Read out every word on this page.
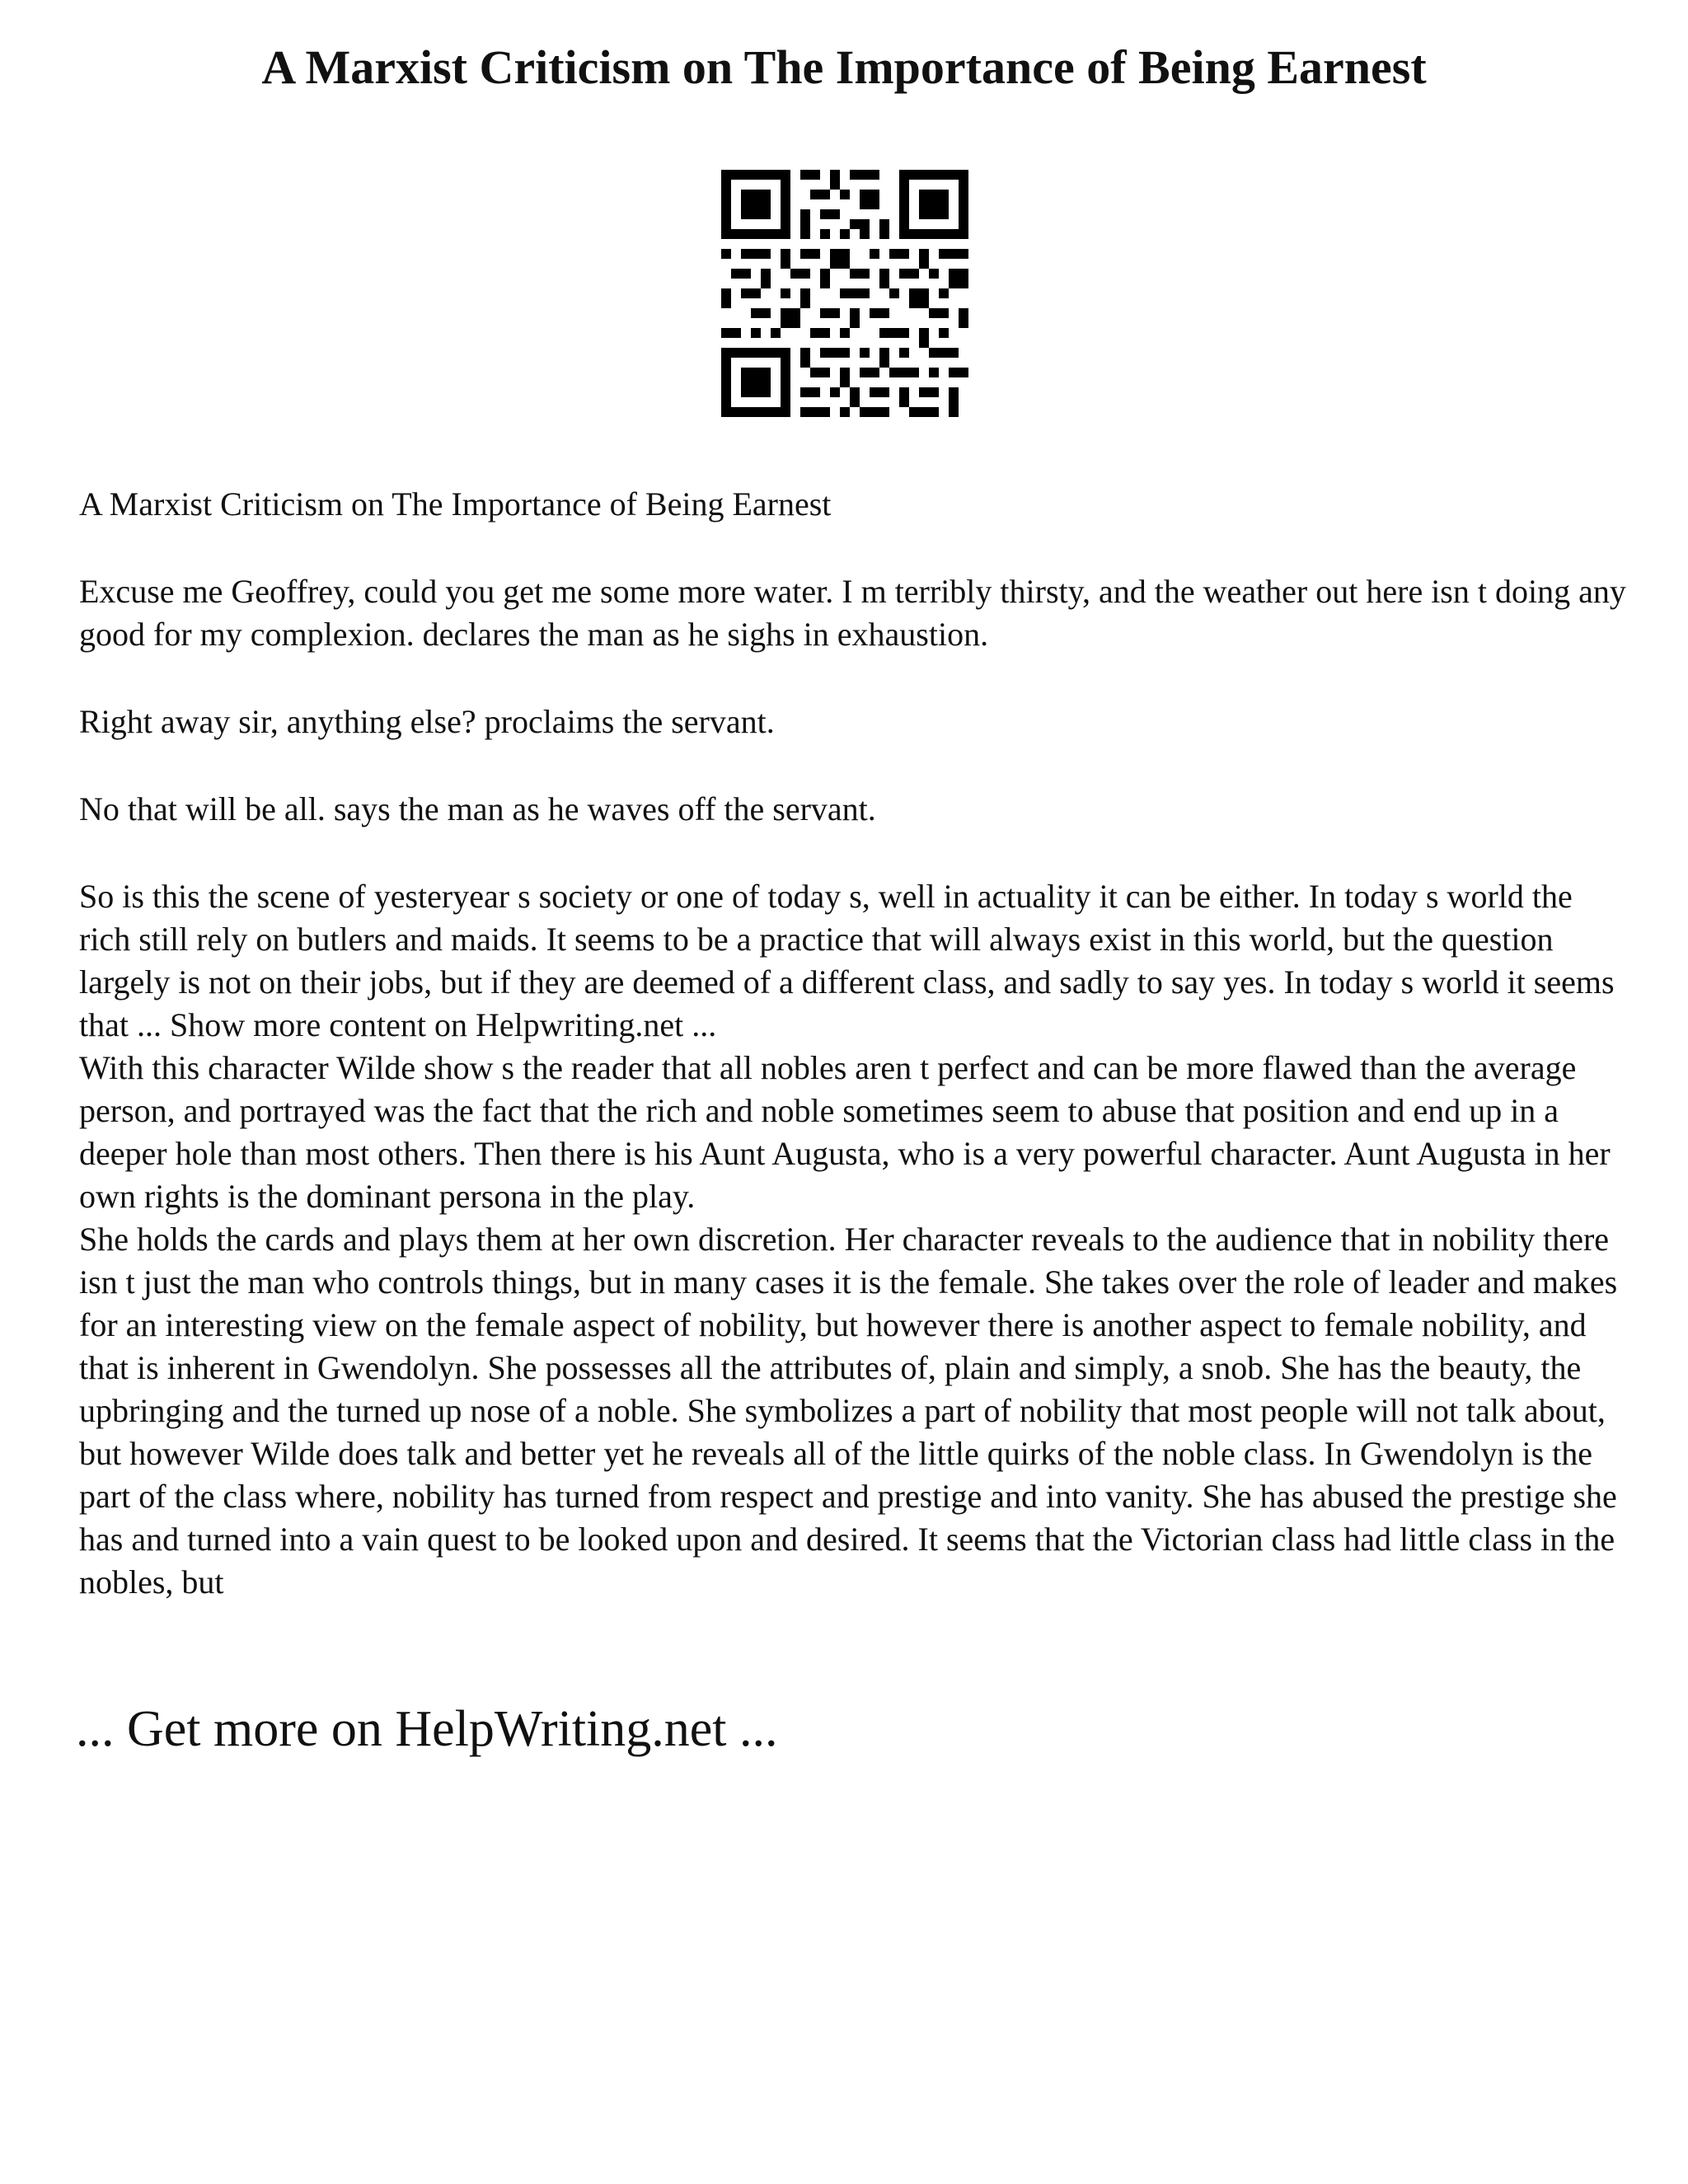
A Marxist Criticism on The Importance of Being Earnest

A Marxist Criticism on The Importance of Being Earnest

Excuse me Geoffrey, could you get me some more water. I m terribly thirsty, and the weather out here isn t doing any good for my complexion. declares the man as he sighs in exhaustion.

Right away sir, anything else? proclaims the servant.

No that will be all. says the man as he waves off the servant.

So is this the scene of yesteryear s society or one of today s, well in actuality it can be either. In today s world the rich still rely on butlers and maids. It seems to be a practice that will always exist in this world, but the question largely is not on their jobs, but if they are deemed of a different class, and sadly to say yes. In today s world it seems that ... Show more content on Helpwriting.net ...

With this character Wilde show s the reader that all nobles aren t perfect and can be more flawed than the average person, and portrayed was the fact that the rich and noble sometimes seem to abuse that position and end up in a deeper hole than most others. Then there is his Aunt Augusta, who is a very powerful character. Aunt Augusta in her own rights is the dominant persona in the play.

She holds the cards and plays them at her own discretion. Her character reveals to the audience that in nobility there isn t just the man who controls things, but in many cases it is the female. She takes over the role of leader and makes for an interesting view on the female aspect of nobility, but however there is another aspect to female nobility, and that is inherent in Gwendolyn. She possesses all the attributes of, plain and simply, a snob. She has the beauty, the upbringing and the turned up nose of a noble. She symbolizes a part of nobility that most people will not talk about, but however Wilde does talk and better yet he reveals all of the little quirks of the noble class. In Gwendolyn is the part of the class where, nobility has turned from respect and prestige and into vanity. She has abused the prestige she has and turned into a vain quest to be looked upon and desired. It seems that the Victorian class had little class in the nobles, but

... Get more on HelpWriting.net ...
